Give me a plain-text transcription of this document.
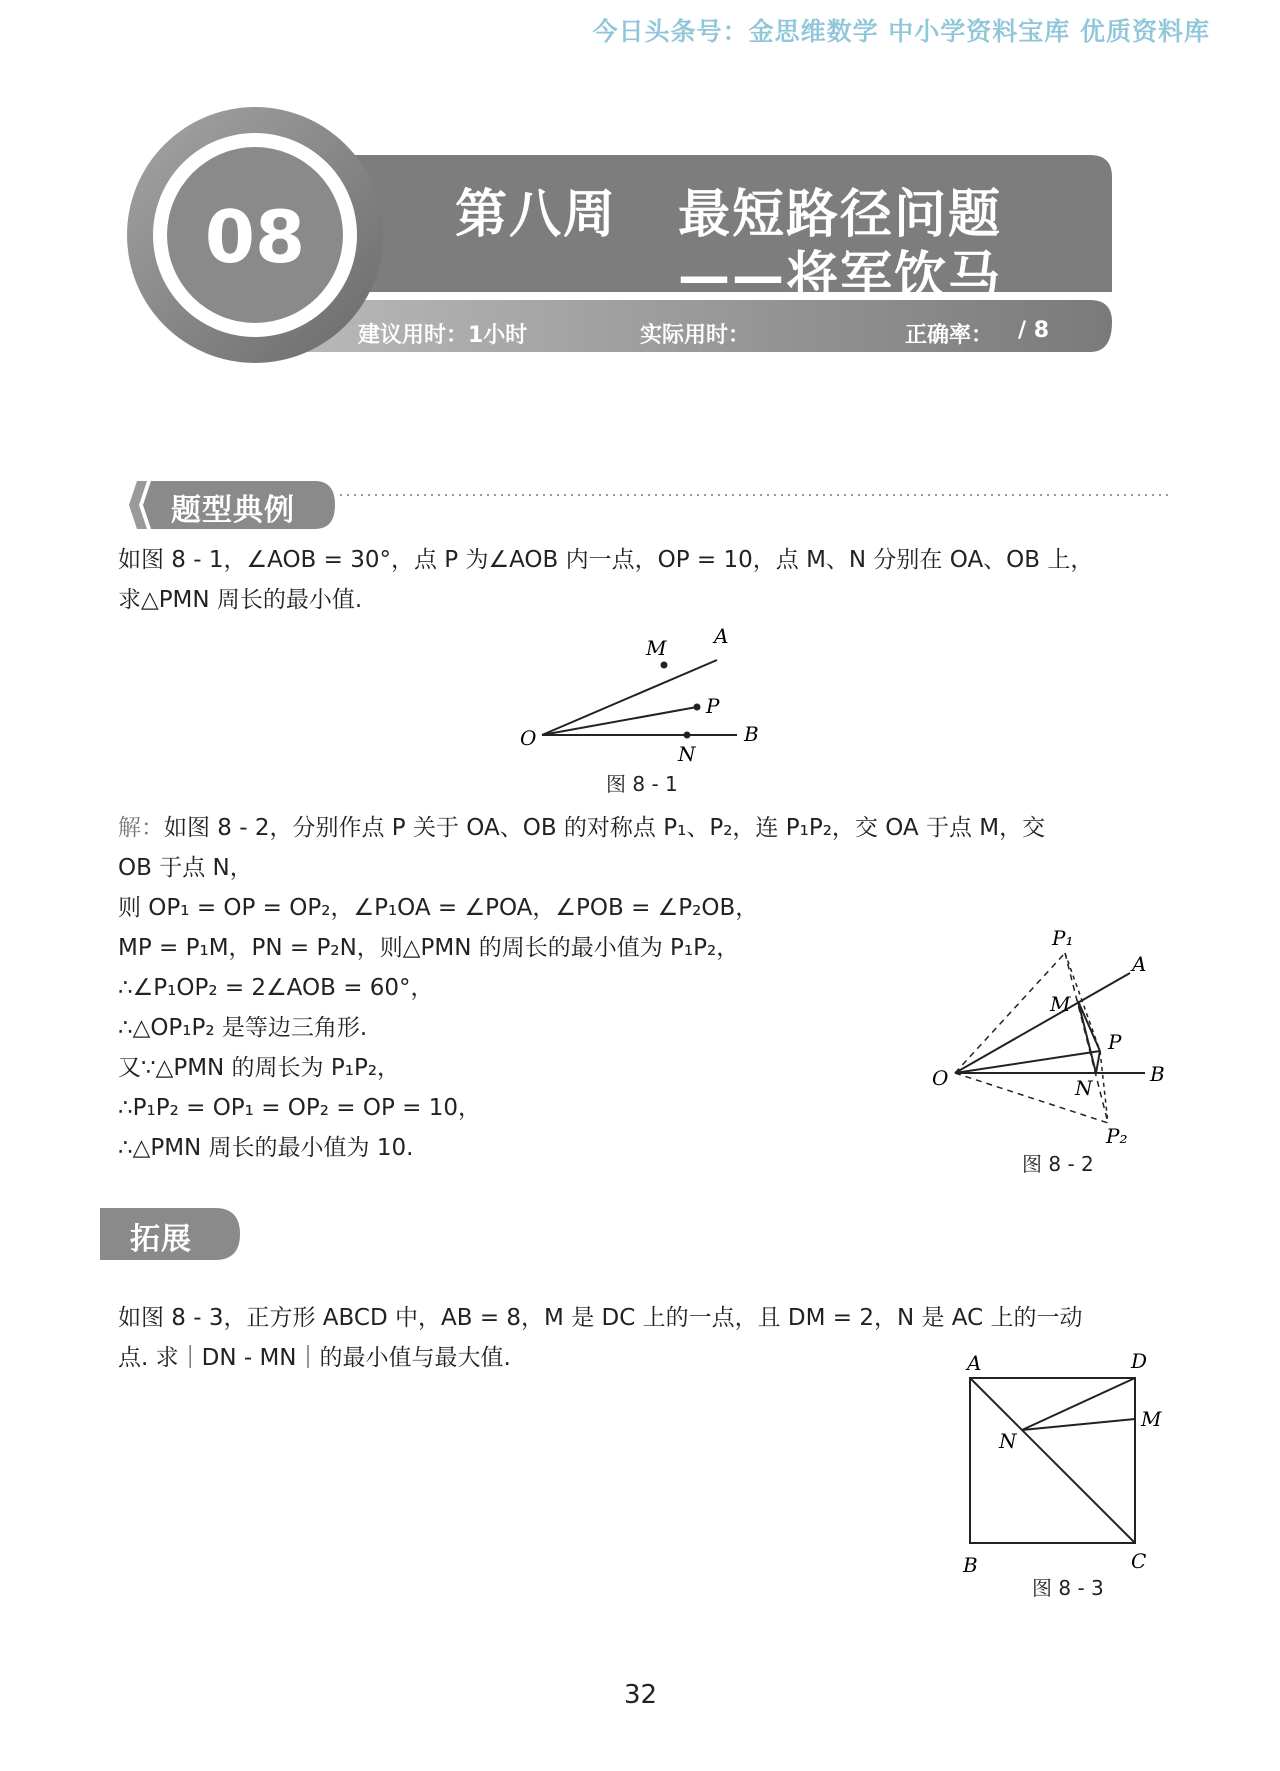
今日头条号：金思维数学 中小学资料宝库 优质资料库
08	第八周 最短路径问题
——将军饮马
建议用时：1小时	实际用时：	正确率： / 8
题型典例
如图 8 - 1，∠AOB = 30°，点 P 为∠AOB 内一点，OP = 10，点 M、N 分别在 OA、OB 上，
求△PMN 周长的最小值.
O
A
B
M
P
N
图 8 - 1
解：如图 8 - 2，分别作点 P 关于 OA、OB 的对称点 P₁、P₂，连 P₁P₂，交 OA 于点 M，交
OB 于点 N，
则 OP₁ = OP = OP₂，∠P₁OA = ∠POA，∠POB = ∠P₂OB，
MP = P₁M，PN = P₂N，则△PMN 的周长的最小值为 P₁P₂，
∴∠P₁OP₂ = 2∠AOB = 60°，
∴△OP₁P₂ 是等边三角形.
又∵△PMN 的周长为 P₁P₂，
∴P₁P₂ = OP₁ = OP₂ = OP = 10，
∴△PMN 周长的最小值为 10.
O
A
B
M
N
P
P₁
P₂
图 8 - 2
拓展
如图 8 - 3，正方形 ABCD 中，AB = 8，M 是 DC 上的一点，且 DM = 2，N 是 AC 上的一动
点. 求｜DN - MN｜的最小值与最大值.	A	D
M
N
B	C
图 8 - 3
32
